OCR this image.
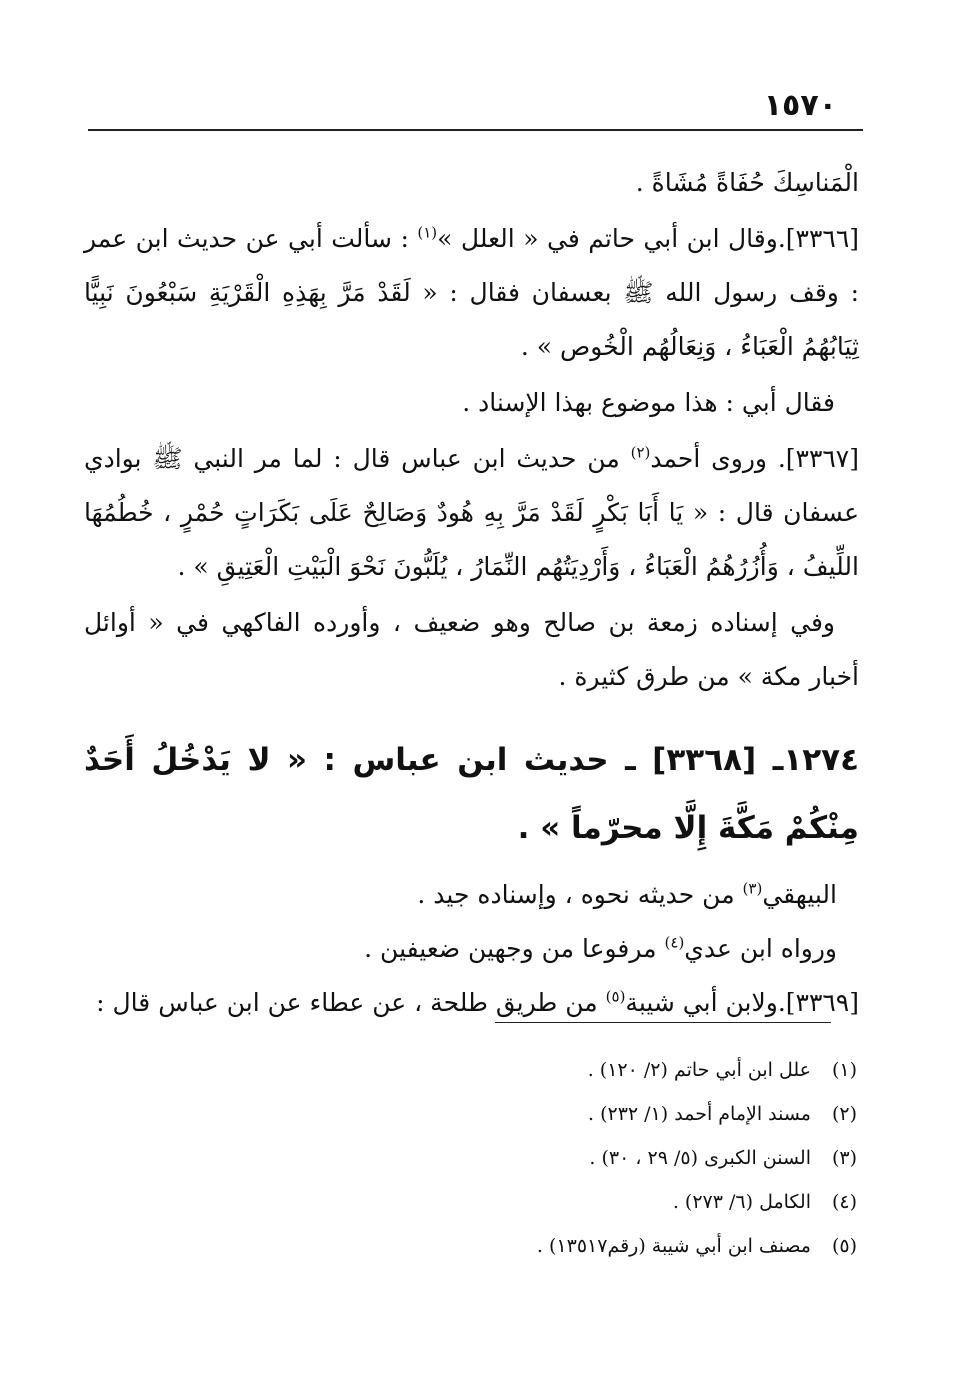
١٥٧٠

الْمَناسِكَ حُفَاةً مُشَاةً .

[٣٣٦٦].وقال ابن أبي حاتم في « العلل »$^{(١)}$ : سألت أبي عن حديث ابن عمر : وقف رسول الله ﷺ بعسفان فقال : « لَقَدْ مَرَّ بِهَذِهِ الْقَرْيَةِ سَبْعُونَ نَبِيًّا ثِيَابُهُمُ الْعَبَاءُ ، وَنِعَالُهُم الْخُوص » .

فقال أبي : هذا موضوع بهذا الإسناد .

[٣٣٦٧]. وروى أحمد$^{(٢)}$ من حديث ابن عباس قال : لما مر النبي ﷺ بوادي عسفان قال : « يَا أَبَا بَكْرٍ لَقَدْ مَرَّ بِهِ هُودٌ وَصَالِحٌ عَلَى بَكَرَاتٍ حُمْرٍ ، خُطُمُهَا اللِّيفُ ، وَأُزُرُهُمُ الْعَبَاءُ ، وَأَرْدِيَتُهُم النِّمَارُ ، يُلَبُّونَ نَحْوَ الْبَيْتِ الْعَتِيقِ » .

وفي إسناده زمعة بن صالح وهو ضعيف ، وأورده الفاكهي في « أوائل أخبار مكة » من طرق كثيرة .

١٢٧٤ـ [٣٣٦٨] ـ حديث ابن عباس : « لا يَدْخُلُ أَحَدٌ مِنْكُمْ مَكَّةَ إِلَّا محرّماً » .

البيهقي$^{(٣)}$ من حديثه نحوه ، وإسناده جيد .

ورواه ابن عدي$^{(٤)}$ مرفوعا من وجهين ضعيفين .

[٣٣٦٩].ولابن أبي شيبة$^{(٥)}$ من طريق طلحة ، عن عطاء عن ابن عباس قال :

(١)علل ابن أبي حاتم (٢/ ١٢٠) .
(٢)مسند الإمام أحمد (١/ ٢٣٢) .
(٣)السنن الكبرى (٥/ ٢٩ ، ٣٠) .
(٤)الكامل (٦/ ٢٧٣) .
(٥)مصنف ابن أبي شيبة (رقم١٣٥١٧) .
